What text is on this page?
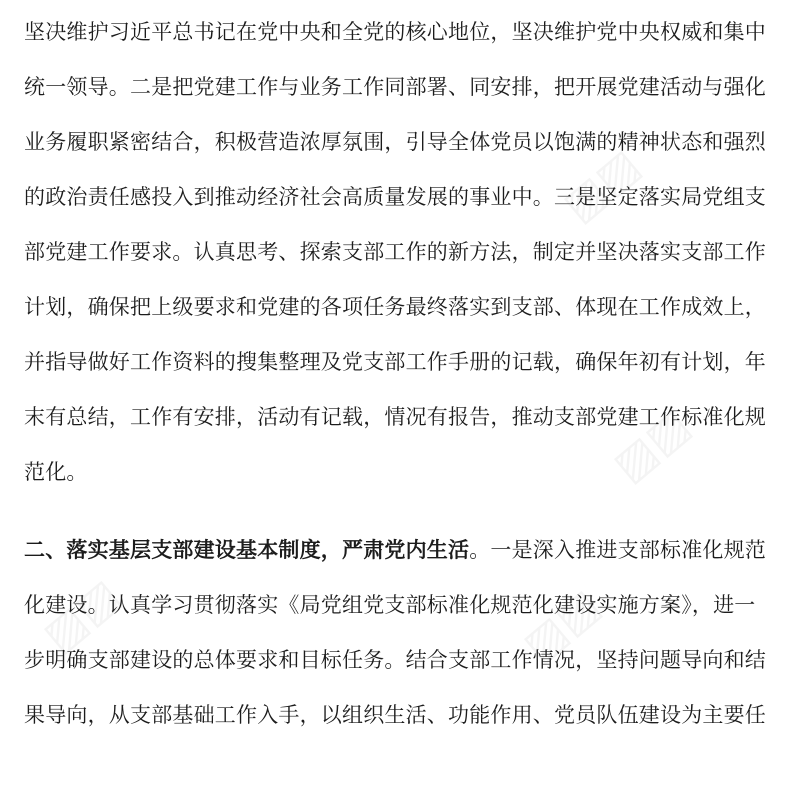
坚决维护习近平总书记在党中央和全党的核心地位，坚决维护党中央权威和集中
统一领导。二是把党建工作与业务工作同部署、同安排，把开展党建活动与强化
业务履职紧密结合，积极营造浓厚氛围，引导全体党员以饱满的精神状态和强烈
的政治责任感投入到推动经济社会高质量发展的事业中。三是坚定落实局党组支
部党建工作要求。认真思考、探索支部工作的新方法，制定并坚决落实支部工作
计划，确保把上级要求和党建的各项任务最终落实到支部、体现在工作成效上，
并指导做好工作资料的搜集整理及党支部工作手册的记载，确保年初有计划，年
末有总结，工作有安排，活动有记载，情况有报告，推动支部党建工作标准化规
范化。
二、落实基层支部建设基本制度，严肃党内生活。一是深入推进支部标准化规范
化建设。认真学习贯彻落实《局党组党支部标准化规范化建设实施方案》，进一
步明确支部建设的总体要求和目标任务。结合支部工作情况，坚持问题导向和结
果导向，从支部基础工作入手，以组织生活、功能作用、党员队伍建设为主要任
